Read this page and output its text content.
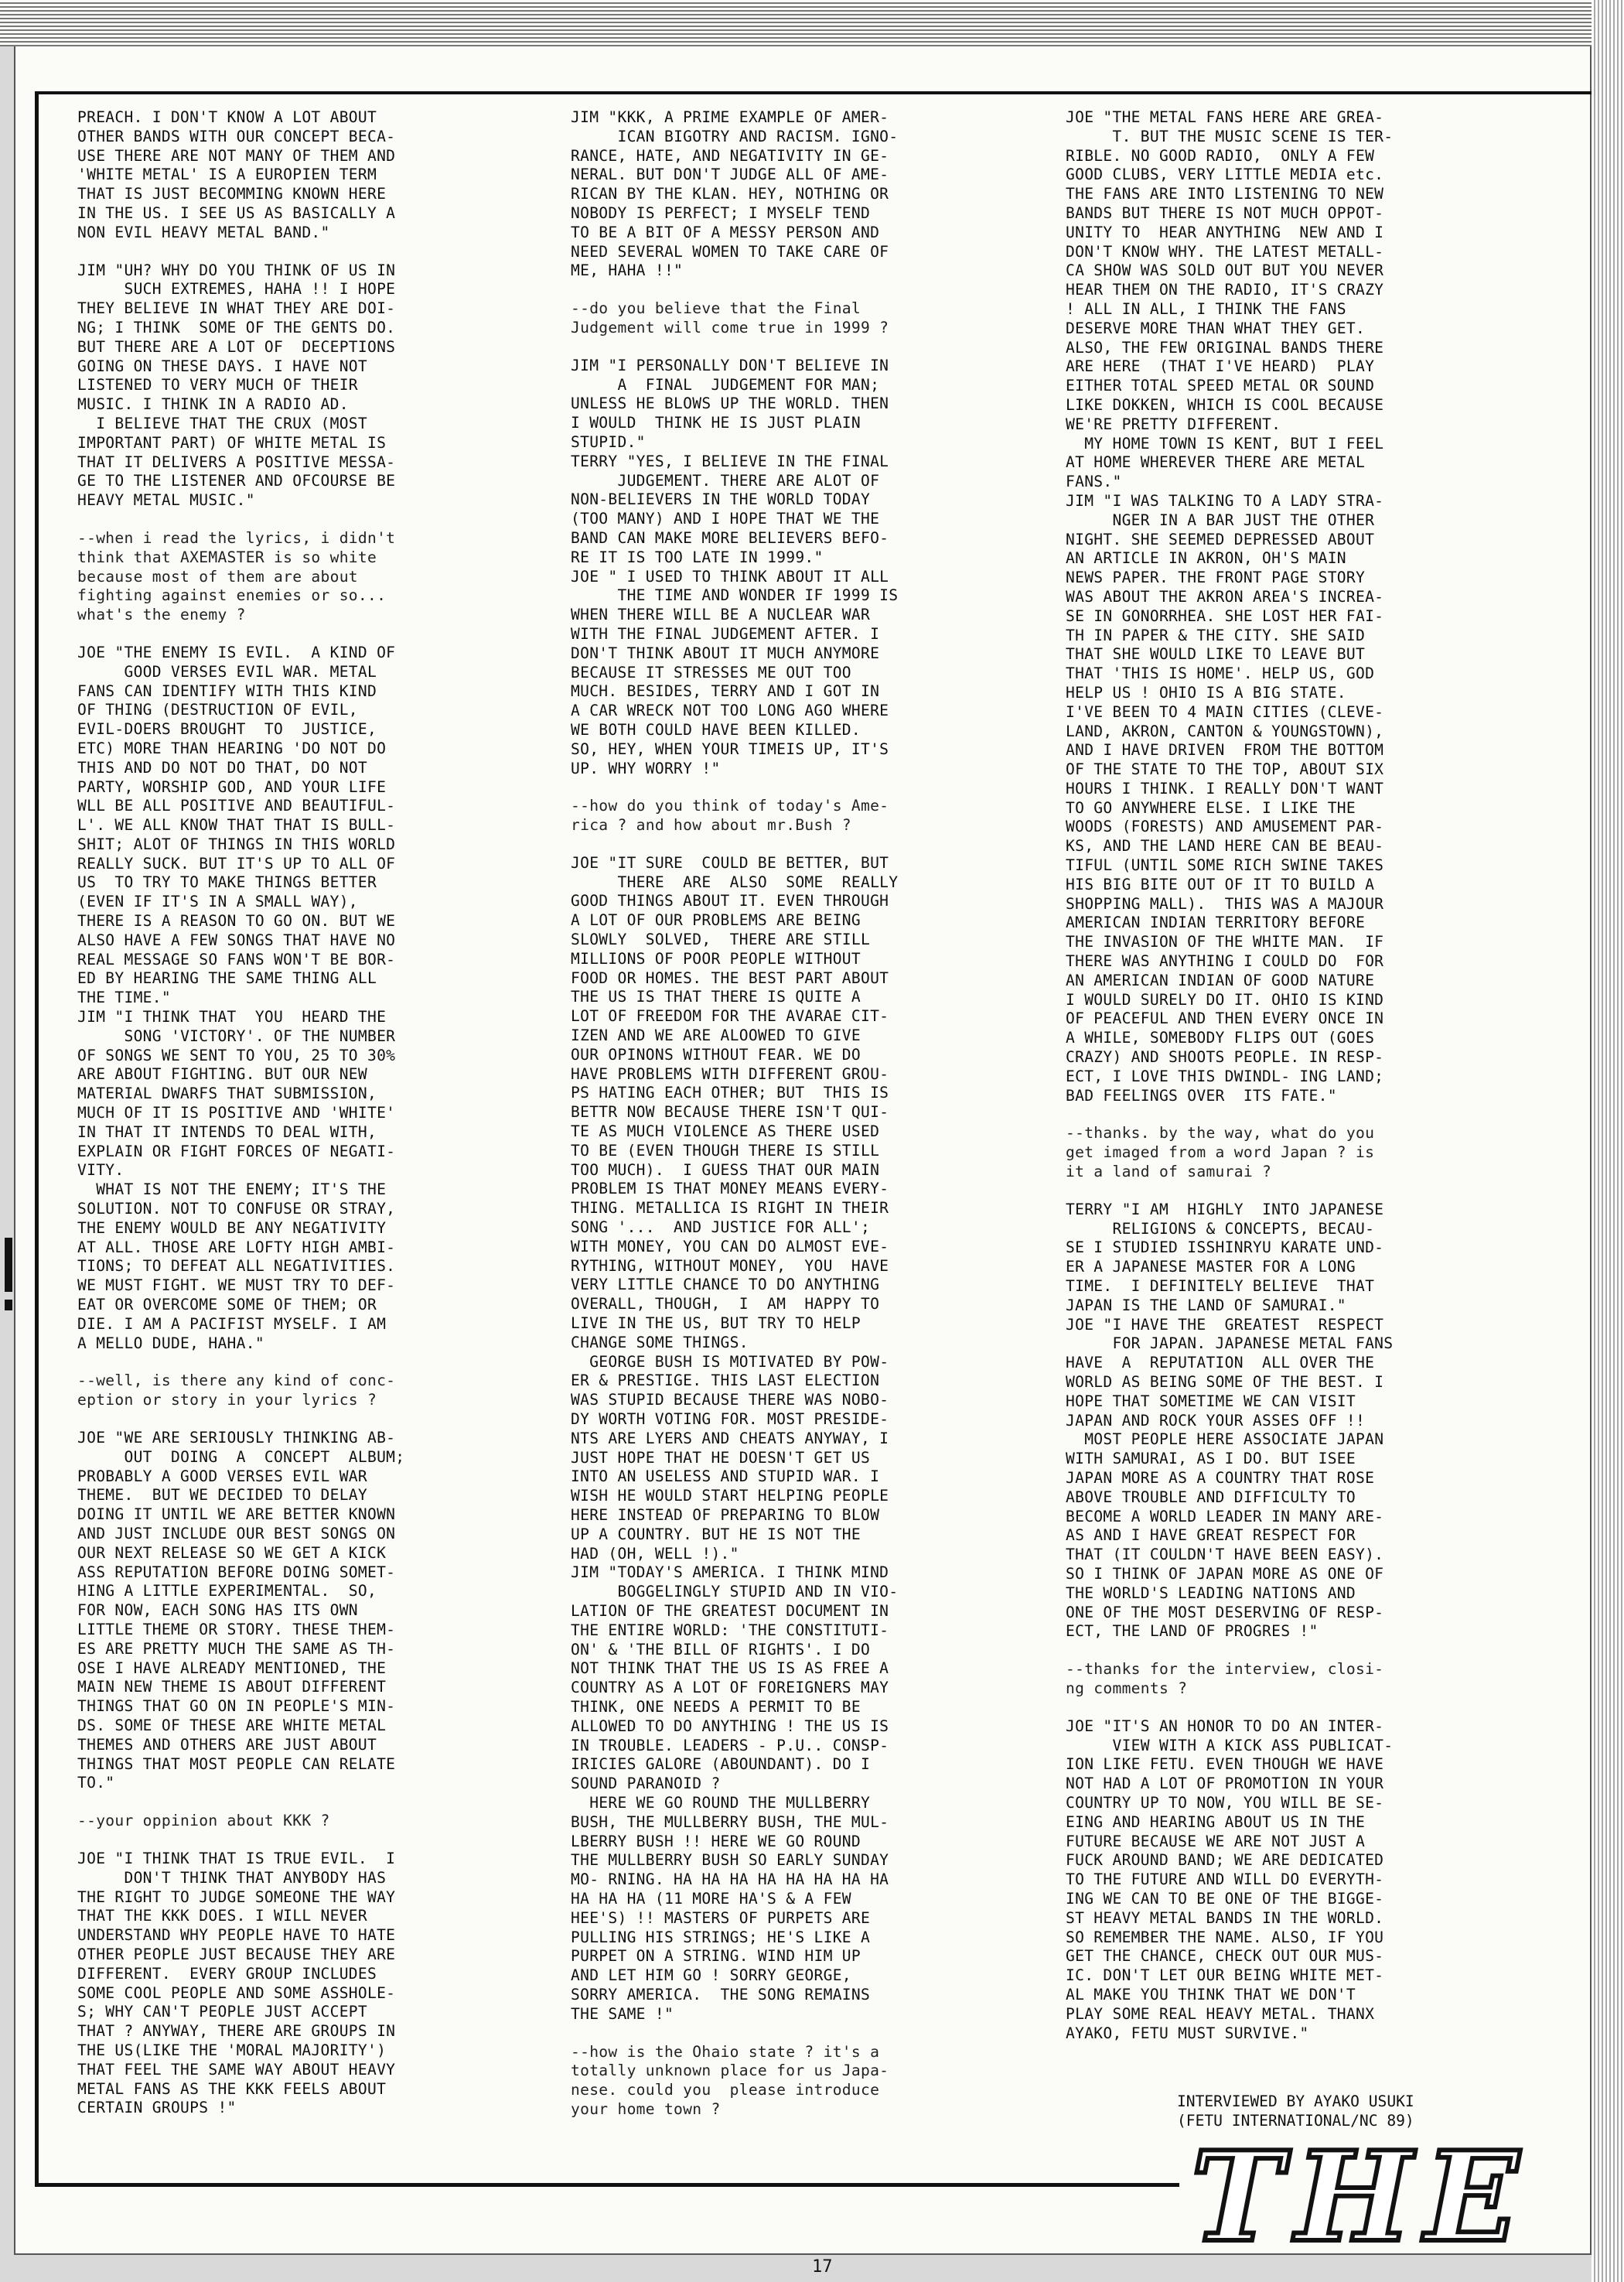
PREACH. I DON'T KNOW A LOT ABOUT
OTHER BANDS WITH OUR CONCEPT BECA-
USE THERE ARE NOT MANY OF THEM AND
'WHITE METAL' IS A EUROPIEN TERM
THAT IS JUST BECOMMING KNOWN HERE
IN THE US. I SEE US AS BASICALLY A
NON EVIL HEAVY METAL BAND."

JIM "UH? WHY DO YOU THINK OF US IN
SUCH EXTREMES, HAHA !! I HOPE
THEY BELIEVE IN WHAT THEY ARE DOI-
NG; I THINK  SOME OF THE GENTS DO.
BUT THERE ARE A LOT OF  DECEPTIONS
GOING ON THESE DAYS. I HAVE NOT
LISTENED TO VERY MUCH OF THEIR
MUSIC. I THINK IN A RADIO AD.
I BELIEVE THAT THE CRUX (MOST
IMPORTANT PART) OF WHITE METAL IS
THAT IT DELIVERS A POSITIVE MESSA-
GE TO THE LISTENER AND OFCOURSE BE
HEAVY METAL MUSIC."

--when i read the lyrics, i didn't
think that AXEMASTER is so white
because most of them are about
fighting against enemies or so...
what's the enemy ?

JOE "THE ENEMY IS EVIL.  A KIND OF
GOOD VERSES EVIL WAR. METAL
FANS CAN IDENTIFY WITH THIS KIND
OF THING (DESTRUCTION OF EVIL,
EVIL-DOERS BROUGHT  TO  JUSTICE,
ETC) MORE THAN HEARING 'DO NOT DO
THIS AND DO NOT DO THAT, DO NOT
PARTY, WORSHIP GOD, AND YOUR LIFE
WLL BE ALL POSITIVE AND BEAUTIFUL-
L'. WE ALL KNOW THAT THAT IS BULL-
SHIT; ALOT OF THINGS IN THIS WORLD
REALLY SUCK. BUT IT'S UP TO ALL OF
US  TO TRY TO MAKE THINGS BETTER
(EVEN IF IT'S IN A SMALL WAY),
THERE IS A REASON TO GO ON. BUT WE
ALSO HAVE A FEW SONGS THAT HAVE NO
REAL MESSAGE SO FANS WON'T BE BOR-
ED BY HEARING THE SAME THING ALL
THE TIME."
JIM "I THINK THAT  YOU  HEARD THE
SONG 'VICTORY'. OF THE NUMBER
OF SONGS WE SENT TO YOU, 25 TO 30%
ARE ABOUT FIGHTING. BUT OUR NEW
MATERIAL DWARFS THAT SUBMISSION,
MUCH OF IT IS POSITIVE AND 'WHITE'
IN THAT IT INTENDS TO DEAL WITH,
EXPLAIN OR FIGHT FORCES OF NEGATI-
VITY.
WHAT IS NOT THE ENEMY; IT'S THE
SOLUTION. NOT TO CONFUSE OR STRAY,
THE ENEMY WOULD BE ANY NEGATIVITY
AT ALL. THOSE ARE LOFTY HIGH AMBI-
TIONS; TO DEFEAT ALL NEGATIVITIES.
WE MUST FIGHT. WE MUST TRY TO DEF-
EAT OR OVERCOME SOME OF THEM; OR
DIE. I AM A PACIFIST MYSELF. I AM
A MELLO DUDE, HAHA."

--well, is there any kind of conc-
eption or story in your lyrics ?

JOE "WE ARE SERIOUSLY THINKING AB-
OUT  DOING  A  CONCEPT  ALBUM;
PROBABLY A GOOD VERSES EVIL WAR
THEME.  BUT WE DECIDED TO DELAY
DOING IT UNTIL WE ARE BETTER KNOWN
AND JUST INCLUDE OUR BEST SONGS ON
OUR NEXT RELEASE SO WE GET A KICK
ASS REPUTATION BEFORE DOING SOMET-
HING A LITTLE EXPERIMENTAL.  SO,
FOR NOW, EACH SONG HAS ITS OWN
LITTLE THEME OR STORY. THESE THEM-
ES ARE PRETTY MUCH THE SAME AS TH-
OSE I HAVE ALREADY MENTIONED, THE
MAIN NEW THEME IS ABOUT DIFFERENT
THINGS THAT GO ON IN PEOPLE'S MIN-
DS. SOME OF THESE ARE WHITE METAL
THEMES AND OTHERS ARE JUST ABOUT
THINGS THAT MOST PEOPLE CAN RELATE
TO."

--your oppinion about KKK ?

JOE "I THINK THAT IS TRUE EVIL.  I
DON'T THINK THAT ANYBODY HAS
THE RIGHT TO JUDGE SOMEONE THE WAY
THAT THE KKK DOES. I WILL NEVER
UNDERSTAND WHY PEOPLE HAVE TO HATE
OTHER PEOPLE JUST BECAUSE THEY ARE
DIFFERENT.  EVERY GROUP INCLUDES
SOME COOL PEOPLE AND SOME ASSHOLE-
S; WHY CAN'T PEOPLE JUST ACCEPT
THAT ? ANYWAY, THERE ARE GROUPS IN
THE US(LIKE THE 'MORAL MAJORITY')
THAT FEEL THE SAME WAY ABOUT HEAVY
METAL FANS AS THE KKK FEELS ABOUT
CERTAIN GROUPS !"

JIM "KKK, A PRIME EXAMPLE OF AMER-
ICAN BIGOTRY AND RACISM. IGNO-
RANCE, HATE, AND NEGATIVITY IN GE-
NERAL. BUT DON'T JUDGE ALL OF AME-
RICAN BY THE KLAN. HEY, NOTHING OR
NOBODY IS PERFECT; I MYSELF TEND
TO BE A BIT OF A MESSY PERSON AND
NEED SEVERAL WOMEN TO TAKE CARE OF
ME, HAHA !!"

--do you believe that the Final
Judgement will come true in 1999 ?

JIM "I PERSONALLY DON'T BELIEVE IN
A  FINAL  JUDGEMENT FOR MAN;
UNLESS HE BLOWS UP THE WORLD. THEN
I WOULD  THINK HE IS JUST PLAIN
STUPID."
TERRY "YES, I BELIEVE IN THE FINAL
JUDGEMENT. THERE ARE ALOT OF
NON-BELIEVERS IN THE WORLD TODAY
(TOO MANY) AND I HOPE THAT WE THE
BAND CAN MAKE MORE BELIEVERS BEFO-
RE IT IS TOO LATE IN 1999."
JOE " I USED TO THINK ABOUT IT ALL
THE TIME AND WONDER IF 1999 IS
WHEN THERE WILL BE A NUCLEAR WAR
WITH THE FINAL JUDGEMENT AFTER. I
DON'T THINK ABOUT IT MUCH ANYMORE
BECAUSE IT STRESSES ME OUT TOO
MUCH. BESIDES, TERRY AND I GOT IN
A CAR WRECK NOT TOO LONG AGO WHERE
WE BOTH COULD HAVE BEEN KILLED.
SO, HEY, WHEN YOUR TIMEIS UP, IT'S
UP. WHY WORRY !"

--how do you think of today's Ame-
rica ? and how about mr.Bush ?

JOE "IT SURE  COULD BE BETTER, BUT
THERE  ARE  ALSO  SOME  REALLY
GOOD THINGS ABOUT IT. EVEN THROUGH
A LOT OF OUR PROBLEMS ARE BEING
SLOWLY  SOLVED,  THERE ARE STILL
MILLIONS OF POOR PEOPLE WITHOUT
FOOD OR HOMES. THE BEST PART ABOUT
THE US IS THAT THERE IS QUITE A
LOT OF FREEDOM FOR THE AVARAE CIT-
IZEN AND WE ARE ALOOWED TO GIVE
OUR OPINONS WITHOUT FEAR. WE DO
HAVE PROBLEMS WITH DIFFERENT GROU-
PS HATING EACH OTHER; BUT  THIS IS
BETTR NOW BECAUSE THERE ISN'T QUI-
TE AS MUCH VIOLENCE AS THERE USED
TO BE (EVEN THOUGH THERE IS STILL
TOO MUCH).  I GUESS THAT OUR MAIN
PROBLEM IS THAT MONEY MEANS EVERY-
THING. METALLICA IS RIGHT IN THEIR
SONG '...  AND JUSTICE FOR ALL';
WITH MONEY, YOU CAN DO ALMOST EVE-
RYTHING, WITHOUT MONEY,  YOU  HAVE
VERY LITTLE CHANCE TO DO ANYTHING
OVERALL, THOUGH,  I  AM  HAPPY TO
LIVE IN THE US, BUT TRY TO HELP
CHANGE SOME THINGS.
GEORGE BUSH IS MOTIVATED BY POW-
ER & PRESTIGE. THIS LAST ELECTION
WAS STUPID BECAUSE THERE WAS NOBO-
DY WORTH VOTING FOR. MOST PRESIDE-
NTS ARE LYERS AND CHEATS ANYWAY, I
JUST HOPE THAT HE DOESN'T GET US
INTO AN USELESS AND STUPID WAR. I
WISH HE WOULD START HELPING PEOPLE
HERE INSTEAD OF PREPARING TO BLOW
UP A COUNTRY. BUT HE IS NOT THE
HAD (OH, WELL !)."
JIM "TODAY'S AMERICA. I THINK MIND
BOGGELINGLY STUPID AND IN VIO-
LATION OF THE GREATEST DOCUMENT IN
THE ENTIRE WORLD: 'THE CONSTITUTI-
ON' & 'THE BILL OF RIGHTS'. I DO
NOT THINK THAT THE US IS AS FREE A
COUNTRY AS A LOT OF FOREIGNERS MAY
THINK, ONE NEEDS A PERMIT TO BE
ALLOWED TO DO ANYTHING ! THE US IS
IN TROUBLE. LEADERS - P.U.. CONSP-
IRICIES GALORE (ABOUNDANT). DO I
SOUND PARANOID ?
HERE WE GO ROUND THE MULLBERRY
BUSH, THE MULLBERRY BUSH, THE MUL-
LBERRY BUSH !! HERE WE GO ROUND
THE MULLBERRY BUSH SO EARLY SUNDAY
MO- RNING. HA HA HA HA HA HA HA HA
HA HA HA (11 MORE HA'S & A FEW
HEE'S) !! MASTERS OF PURPETS ARE
PULLING HIS STRINGS; HE'S LIKE A
PURPET ON A STRING. WIND HIM UP
AND LET HIM GO ! SORRY GEORGE,
SORRY AMERICA.  THE SONG REMAINS
THE SAME !"

--how is the Ohaio state ? it's a
totally unknown place for us Japa-
nese. could you  please introduce
your home town ?

JOE "THE METAL FANS HERE ARE GREA-
T. BUT THE MUSIC SCENE IS TER-
RIBLE. NO GOOD RADIO,  ONLY A FEW
GOOD CLUBS, VERY LITTLE MEDIA etc.
THE FANS ARE INTO LISTENING TO NEW
BANDS BUT THERE IS NOT MUCH OPPOT-
UNITY TO  HEAR ANYTHING  NEW AND I
DON'T KNOW WHY. THE LATEST METALL-
CA SHOW WAS SOLD OUT BUT YOU NEVER
HEAR THEM ON THE RADIO, IT'S CRAZY
! ALL IN ALL, I THINK THE FANS
DESERVE MORE THAN WHAT THEY GET.
ALSO, THE FEW ORIGINAL BANDS THERE
ARE HERE  (THAT I'VE HEARD)  PLAY
EITHER TOTAL SPEED METAL OR SOUND
LIKE DOKKEN, WHICH IS COOL BECAUSE
WE'RE PRETTY DIFFERENT.
MY HOME TOWN IS KENT, BUT I FEEL
AT HOME WHEREVER THERE ARE METAL
FANS."
JIM "I WAS TALKING TO A LADY STRA-
NGER IN A BAR JUST THE OTHER
NIGHT. SHE SEEMED DEPRESSED ABOUT
AN ARTICLE IN AKRON, OH'S MAIN
NEWS PAPER. THE FRONT PAGE STORY
WAS ABOUT THE AKRON AREA'S INCREA-
SE IN GONORRHEA. SHE LOST HER FAI-
TH IN PAPER & THE CITY. SHE SAID
THAT SHE WOULD LIKE TO LEAVE BUT
THAT 'THIS IS HOME'. HELP US, GOD
HELP US ! OHIO IS A BIG STATE.
I'VE BEEN TO 4 MAIN CITIES (CLEVE-
LAND, AKRON, CANTON & YOUNGSTOWN),
AND I HAVE DRIVEN  FROM THE BOTTOM
OF THE STATE TO THE TOP, ABOUT SIX
HOURS I THINK. I REALLY DON'T WANT
TO GO ANYWHERE ELSE. I LIKE THE
WOODS (FORESTS) AND AMUSEMENT PAR-
KS, AND THE LAND HERE CAN BE BEAU-
TIFUL (UNTIL SOME RICH SWINE TAKES
HIS BIG BITE OUT OF IT TO BUILD A
SHOPPING MALL).  THIS WAS A MAJOUR
AMERICAN INDIAN TERRITORY BEFORE
THE INVASION OF THE WHITE MAN.  IF
THERE WAS ANYTHING I COULD DO  FOR
AN AMERICAN INDIAN OF GOOD NATURE
I WOULD SURELY DO IT. OHIO IS KIND
OF PEACEFUL AND THEN EVERY ONCE IN
A WHILE, SOMEBODY FLIPS OUT (GOES
CRAZY) AND SHOOTS PEOPLE. IN RESP-
ECT, I LOVE THIS DWINDL- ING LAND;
BAD FEELINGS OVER  ITS FATE."

--thanks. by the way, what do you
get imaged from a word Japan ? is
it a land of samurai ?

TERRY "I AM  HIGHLY  INTO JAPANESE
RELIGIONS & CONCEPTS, BECAU-
SE I STUDIED ISSHINRYU KARATE UND-
ER A JAPANESE MASTER FOR A LONG
TIME.  I DEFINITELY BELIEVE  THAT
JAPAN IS THE LAND OF SAMURAI."
JOE "I HAVE THE  GREATEST  RESPECT
FOR JAPAN. JAPANESE METAL FANS
HAVE  A  REPUTATION  ALL OVER THE
WORLD AS BEING SOME OF THE BEST. I
HOPE THAT SOMETIME WE CAN VISIT
JAPAN AND ROCK YOUR ASSES OFF !!
MOST PEOPLE HERE ASSOCIATE JAPAN
WITH SAMURAI, AS I DO. BUT ISEE
JAPAN MORE AS A COUNTRY THAT ROSE
ABOVE TROUBLE AND DIFFICULTY TO
BECOME A WORLD LEADER IN MANY ARE-
AS AND I HAVE GREAT RESPECT FOR
THAT (IT COULDN'T HAVE BEEN EASY).
SO I THINK OF JAPAN MORE AS ONE OF
THE WORLD'S LEADING NATIONS AND
ONE OF THE MOST DESERVING OF RESP-
ECT, THE LAND OF PROGRES !"

--thanks for the interview, closi-
ng comments ?

JOE "IT'S AN HONOR TO DO AN INTER-
VIEW WITH A KICK ASS PUBLICAT-
ION LIKE FETU. EVEN THOUGH WE HAVE
NOT HAD A LOT OF PROMOTION IN YOUR
COUNTRY UP TO NOW, YOU WILL BE SE-
EING AND HEARING ABOUT US IN THE
FUTURE BECAUSE WE ARE NOT JUST A
FUCK AROUND BAND; WE ARE DEDICATED
TO THE FUTURE AND WILL DO EVERYTH-
ING WE CAN TO BE ONE OF THE BIGGE-
ST HEAVY METAL BANDS IN THE WORLD.
SO REMEMBER THE NAME. ALSO, IF YOU
GET THE CHANCE, CHECK OUT OUR MUS-
IC. DON'T LET OUR BEING WHITE MET-
AL MAKE YOU THINK THAT WE DON'T
PLAY SOME REAL HEAVY METAL. THANX
AYAKO, FETU MUST SURVIVE."

INTERVIEWED BY AYAKO USUKI
(FETU INTERNATIONAL/NC 89)
THE
17
